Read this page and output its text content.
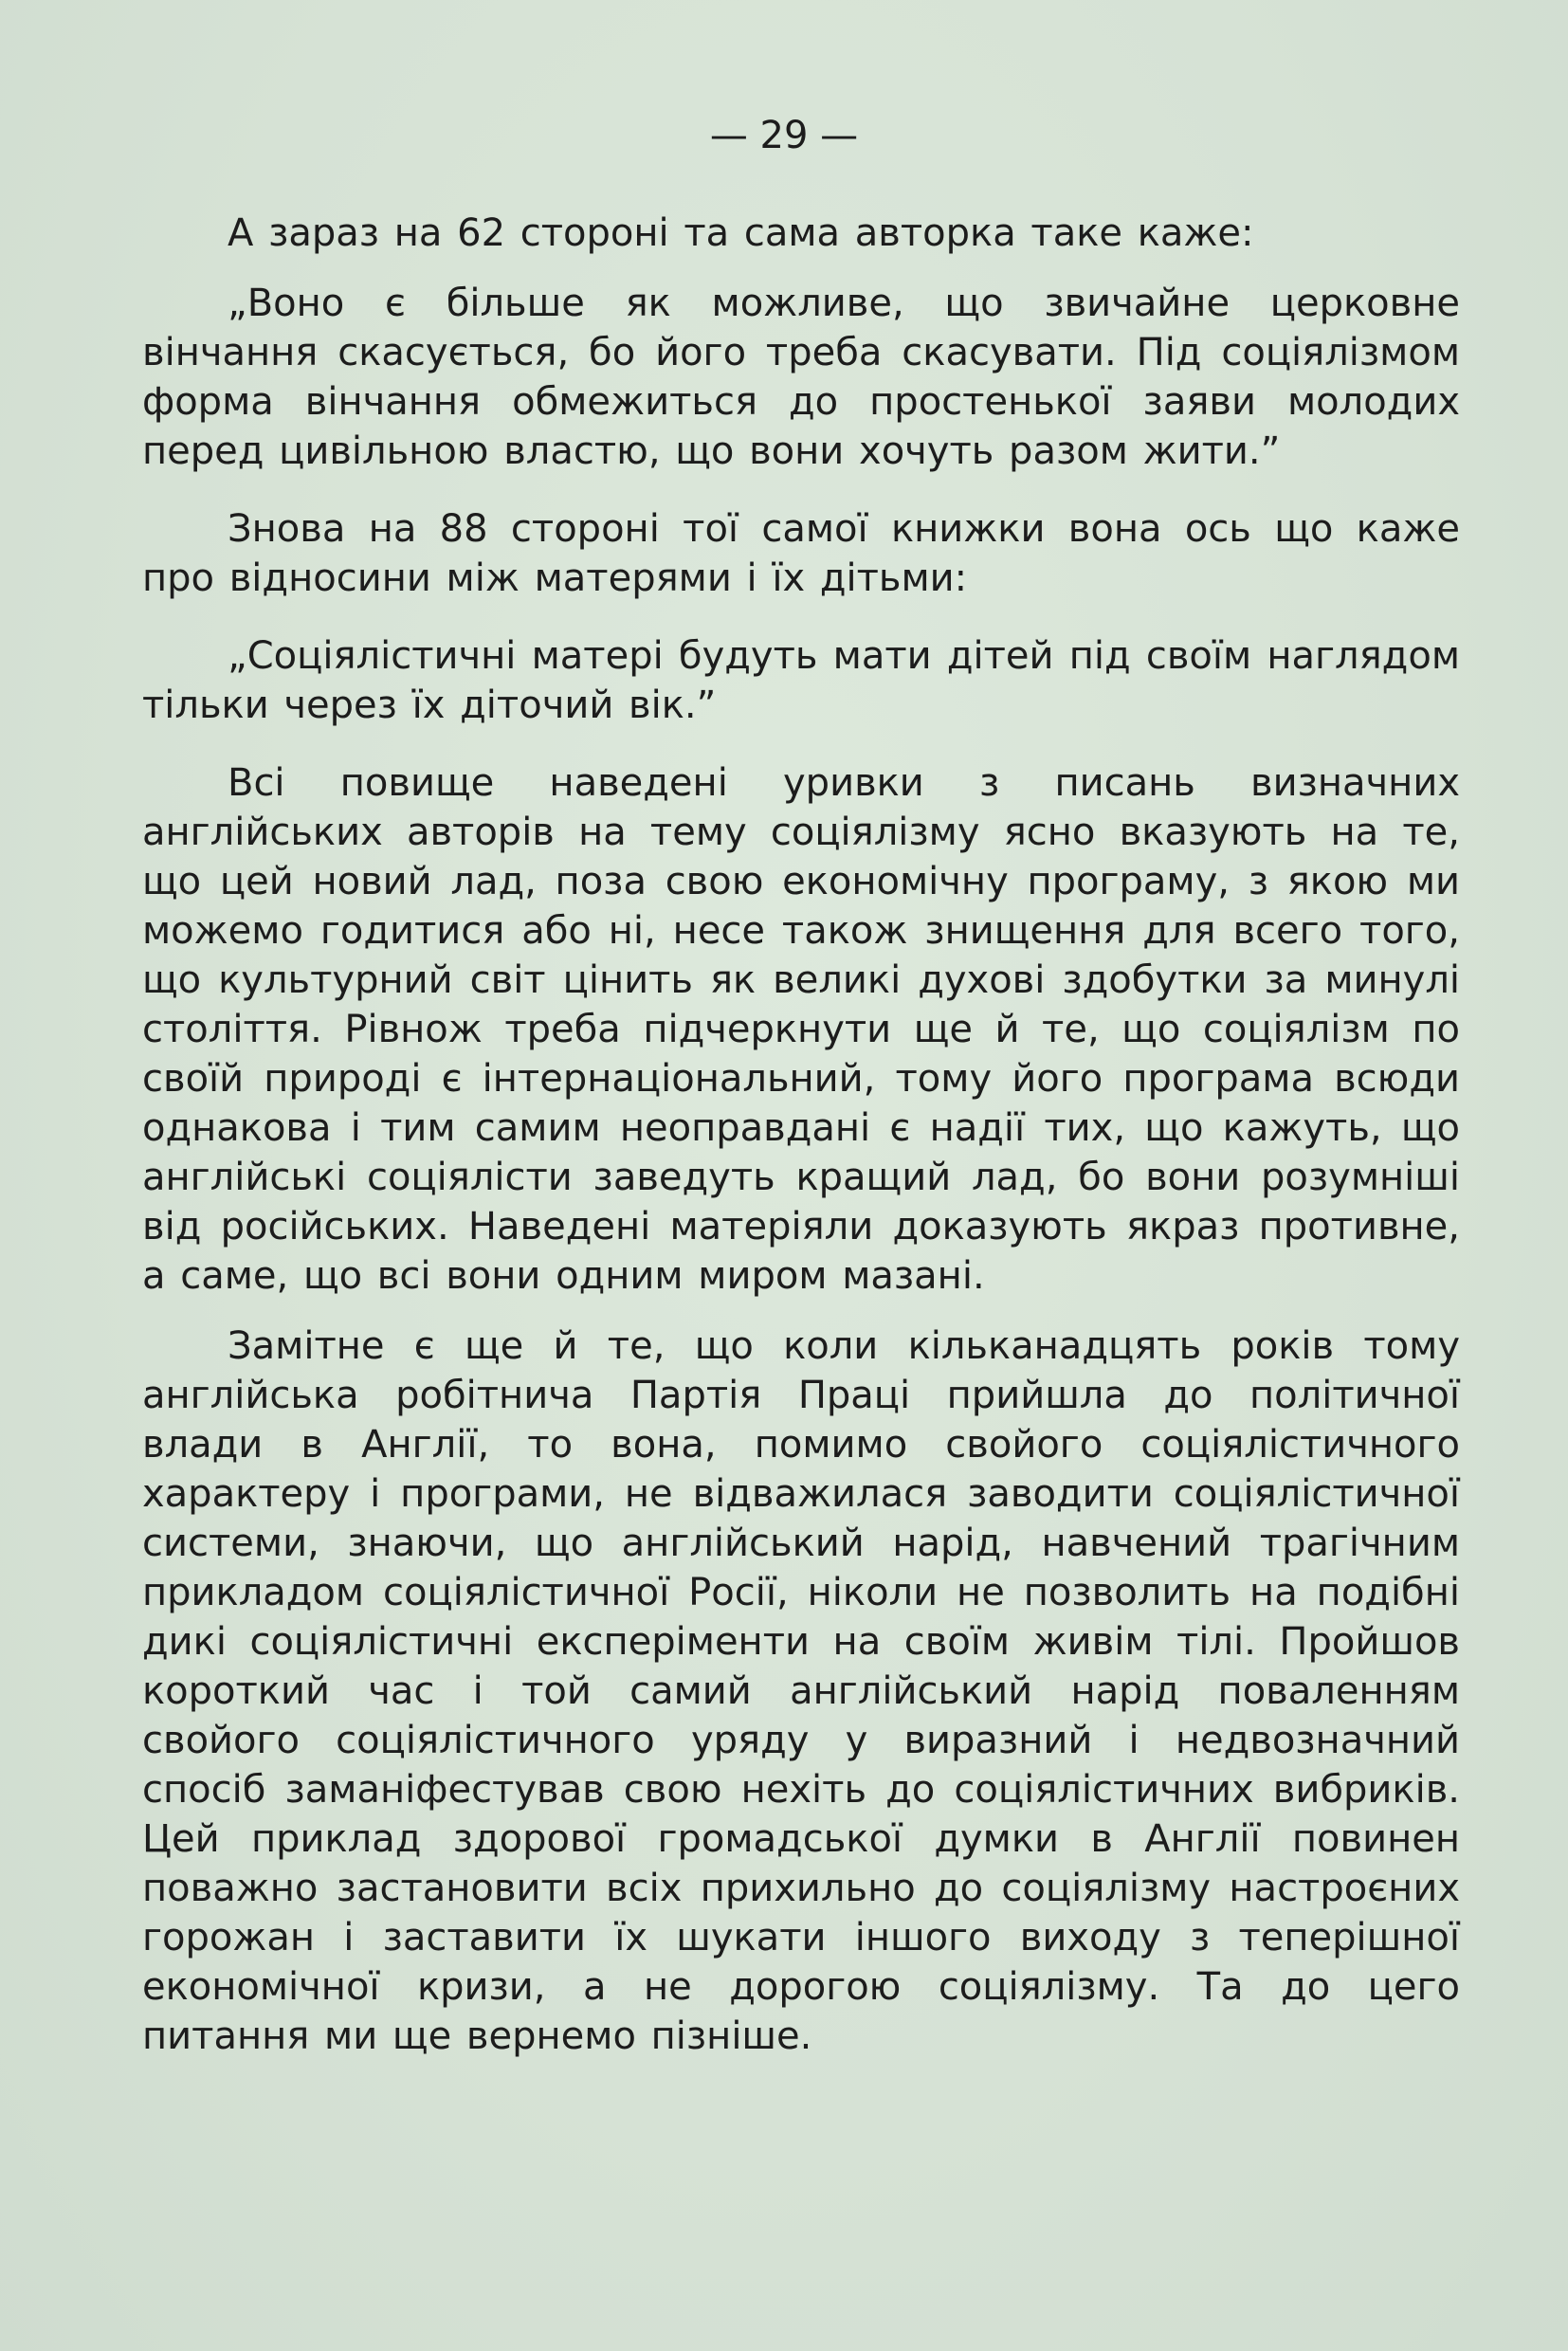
— 29 —

А зараз на 62 стороні та сама авторка таке каже:

„Воно є більше як можливе, що звичайне церковне вінчання скасується, бо його треба скасувати. Під соціялізмом форма вінчання обмежиться до простенької заяви молодих перед цивільною властю, що вони хочуть разом жити.”

Знова на 88 стороні тої самої книжки вона ось що каже про відносини між матерями і їх дітьми:

„Соціялістичні матері будуть мати дітей під своїм наглядом тільки через їх діточий вік.”

Всі повище наведені уривки з писань визначних англійських авторів на тему соціялізму ясно вказують на те, що цей новий лад, поза свою економічну програму, з якою ми можемо годитися або ні, несе також знищення для всего того, що культурний світ цінить як великі духові здобутки за минулі століття. Рівнож треба підчеркнути ще й те, що соціялізм по своїй природі є інтернаціональний, тому його програма всюди однакова і тим самим неоправдані є надії тих, що кажуть, що англійські соціялісти заведуть кращий лад, бо вони розумніші від російських. Наведені матеріяли доказують якраз противне, а саме, що всі вони одним миром мазані.

Замітне є ще й те, що коли кільканадцять років тому англійська робітнича Партія Праці прийшла до політичної влади в Англії, то вона, помимо свойого соціялістичного характеру і програми, не відважилася заводити соціялістичної системи, знаючи, що англійський нарід, навчений трагічним прикладом соціялістичної Росії, ніколи не позволить на подібні дикі соціялістичні експеріменти на своїм живім тілі. Пройшов короткий час і той самий англійський нарід поваленням свойого соціялістичного уряду у виразний і недвозначний спосіб заманіфестував свою нехіть до соціялістичних вибриків. Цей приклад здорової громадської думки в Англії повинен поважно застановити всіх прихильно до соціялізму настроєних горожан і заставити їх шукати іншого виходу з теперішної економічної кризи, а не дорогою соціялізму. Та до цего питання ми ще вернемо пізніше.
